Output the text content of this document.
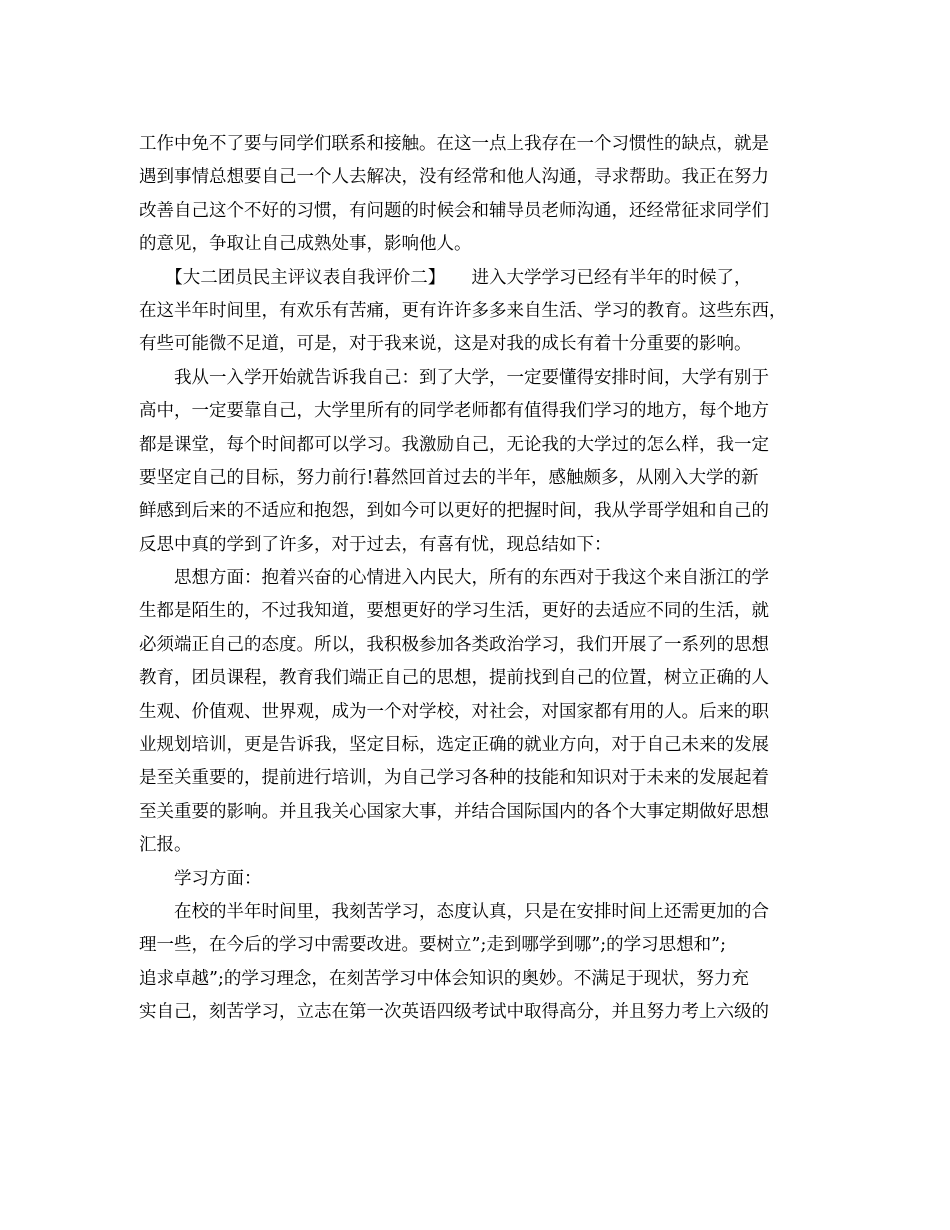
工作中免不了要与同学们联系和接触。在这一点上我存在一个习惯性的缺点，就是
遇到事情总想要自己一个人去解决，没有经常和他人沟通，寻求帮助。我正在努力
改善自己这个不好的习惯，有问题的时候会和辅导员老师沟通，还经常征求同学们
的意见，争取让自己成熟处事，影响他人。
　　【大二团员民主评议表自我评价二】　　进入大学学习已经有半年的时候了，
在这半年时间里，有欢乐有苦痛，更有许许多多来自生活、学习的教育。这些东西，
有些可能微不足道，可是，对于我来说，这是对我的成长有着十分重要的影响。
　　我从一入学开始就告诉我自己：到了大学，一定要懂得安排时间，大学有别于
高中，一定要靠自己，大学里所有的同学老师都有值得我们学习的地方，每个地方
都是课堂，每个时间都可以学习。我激励自己，无论我的大学过的怎么样，我一定
要坚定自己的目标，努力前行!暮然回首过去的半年，感触颇多，从刚入大学的新
鲜感到后来的不适应和抱怨，到如今可以更好的把握时间，我从学哥学姐和自己的
反思中真的学到了许多，对于过去，有喜有忧，现总结如下：
　　思想方面：抱着兴奋的心情进入内民大，所有的东西对于我这个来自浙江的学
生都是陌生的，不过我知道，要想更好的学习生活，更好的去适应不同的生活，就
必须端正自己的态度。所以，我积极参加各类政治学习，我们开展了一系列的思想
教育，团员课程，教育我们端正自己的思想，提前找到自己的位置，树立正确的人
生观、价值观、世界观，成为一个对学校，对社会，对国家都有用的人。后来的职
业规划培训，更是告诉我，坚定目标，选定正确的就业方向，对于自己未来的发展
是至关重要的，提前进行培训，为自己学习各种的技能和知识对于未来的发展起着
至关重要的影响。并且我关心国家大事，并结合国际国内的各个大事定期做好思想
汇报。
　　学习方面：
　　在校的半年时间里，我刻苦学习，态度认真，只是在安排时间上还需更加的合
理一些，在今后的学习中需要改进。要树立”;走到哪学到哪”;的学习思想和”;
追求卓越”;的学习理念，在刻苦学习中体会知识的奥妙。不满足于现状，努力充
实自己，刻苦学习，立志在第一次英语四级考试中取得高分，并且努力考上六级的
